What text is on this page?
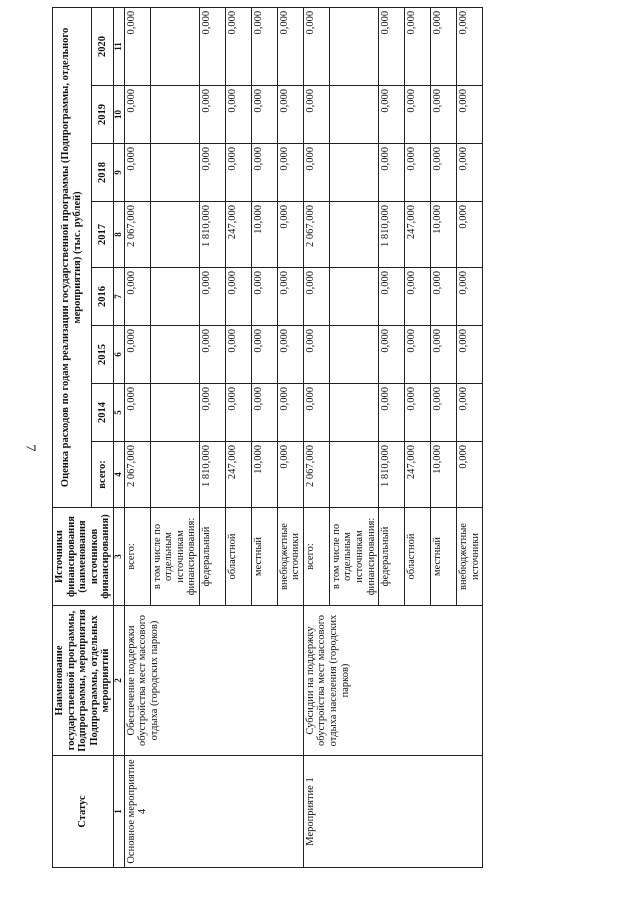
7
Статус	Наименование государственной программы, Подпрограммы, мероприятия Подпрограммы, отдельных мероприятий	Источники финансирования (наименования источников финансирования)	Оценка расходов по годам реализации государственной программы (Подпрограммы, отдельного мероприятия) (тыс. рублей)							
			всего:	2014	2015	2016	2017	2018	2019	2020
1	2	3	4	5	6	7	8	9	10	11
Основное мероприятие 4	Обеспечение поддержки обустройства мест массового отдыха (городских парков)	всего:	2 067,000	0,000	0,000	0,000	2 067,000	0,000	0,000	0,000
		в том числе по отдельным источникам финансирования:								
		федеральный	1 810,000	0,000	0,000	0,000	1 810,000	0,000	0,000	0,000
		областной	247,000	0,000	0,000	0,000	247,000	0,000	0,000	0,000
		местный	10,000	0,000	0,000	0,000	10,000	0,000	0,000	0,000
		внебюджетные источники	0,000	0,000	0,000	0,000	0,000	0,000	0,000	0,000
Мероприятие 1	Субсидии на поддержку обустройства мест массового отдыха населения (городских парков)	всего:	2 067,000	0,000	0,000	0,000	2 067,000	0,000	0,000	0,000
		в том числе по отдельным источникам финансирования:								
		федеральный	1 810,000	0,000	0,000	0,000	1 810,000	0,000	0,000	0,000
		областной	247,000	0,000	0,000	0,000	247,000	0,000	0,000	0,000
		местный	10,000	0,000	0,000	0,000	10,000	0,000	0,000	0,000
		внебюджетные источники	0,000	0,000	0,000	0,000	0,000	0,000	0,000	0,000
